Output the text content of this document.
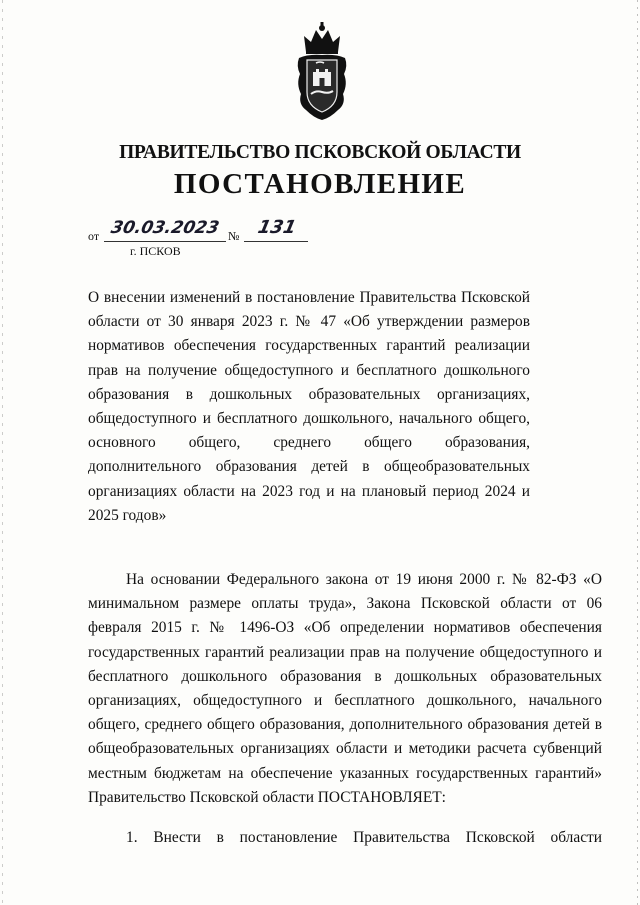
ПРАВИТЕЛЬСТВО ПСКОВСКОЙ ОБЛАСТИ
ПОСТАНОВЛЕНИЕ
от 30.03.2023 № 131
г. ПСКОВ
О внесении изменений в постановление Правительства Псковской области от 30 января 2023 г. № 47 «Об утверждении размеров нормативов обеспечения государственных гарантий реализации прав на получение общедоступного и бесплатного дошкольного образования в дошкольных образовательных организациях, общедоступного и бесплатного дошкольного, начального общего, основного общего, среднего общего образования, дополнительного образования детей в общеобразовательных организациях области на 2023 год и на плановый период 2024 и 2025 годов»
На основании Федерального закона от 19 июня 2000 г. № 82-ФЗ «О минимальном размере оплаты труда», Закона Псковской области от 06 февраля 2015 г. № 1496-ОЗ «Об определении нормативов обеспечения государственных гарантий реализации прав на получение общедоступного и бесплатного дошкольного образования в дошкольных образовательных организациях, общедоступного и бесплатного дошкольного, начального общего, среднего общего образования, дополнительного образования детей в общеобразовательных организациях области и методики расчета субвенций местным бюджетам на обеспечение указанных государственных гарантий» Правительство Псковской области ПОСТАНОВЛЯЕТ:
1. Внести в постановление Правительства Псковской области
